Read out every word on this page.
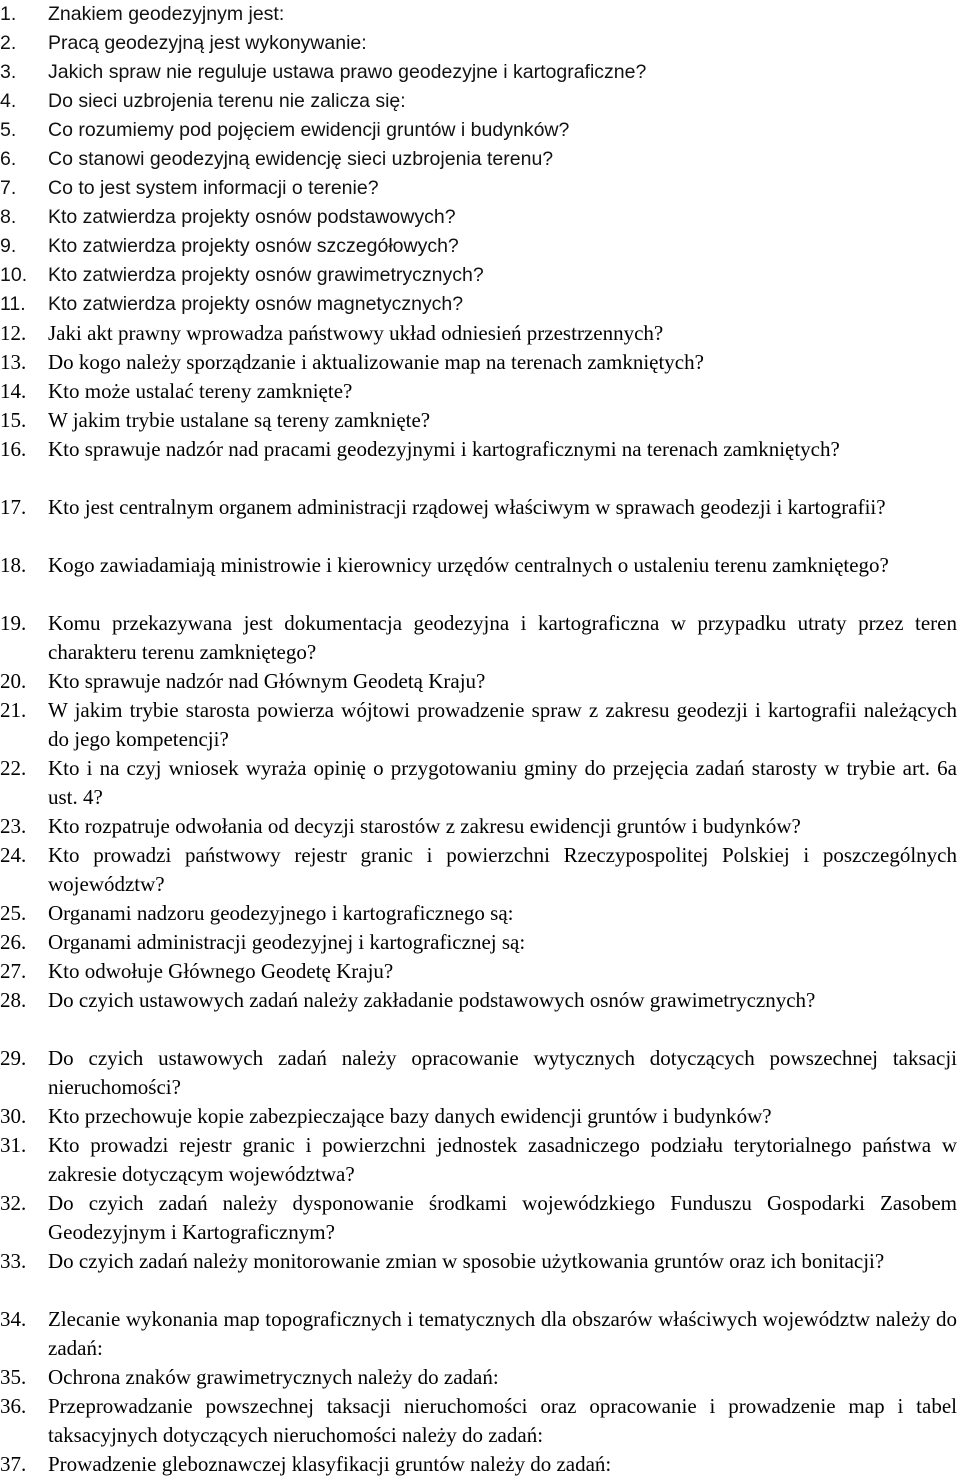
1.	Znakiem geodezyjnym jest:
2.	Pracą geodezyjną jest wykonywanie:
3.	Jakich spraw nie reguluje ustawa prawo geodezyjne i kartograficzne?
4.	Do sieci uzbrojenia terenu nie zalicza się:
5.	Co rozumiemy pod pojęciem ewidencji gruntów i budynków?
6.	Co stanowi geodezyjną ewidencję sieci uzbrojenia terenu?
7.	Co to jest system informacji o terenie?
8.	Kto zatwierdza projekty osnów podstawowych?
9.	Kto zatwierdza projekty osnów szczegółowych?
10.	Kto zatwierdza projekty osnów grawimetrycznych?
11.	Kto zatwierdza projekty osnów magnetycznych?
12.	Jaki akt prawny wprowadza państwowy układ odniesień przestrzennych?
13.	Do kogo należy sporządzanie i aktualizowanie map na terenach zamkniętych?
14.	Kto może ustalać tereny zamknięte?
15.	W jakim trybie ustalane są tereny zamknięte?
16.	Kto sprawuje nadzór nad pracami geodezyjnymi i kartograficznymi na terenach zamkniętych?
17.	Kto jest centralnym organem administracji rządowej właściwym w sprawach geodezji i kartografii?
18.	Kogo zawiadamiają ministrowie i kierownicy urzędów centralnych o ustaleniu terenu zamkniętego?
19.	Komu przekazywana jest dokumentacja geodezyjna i kartograficzna w przypadku utraty przez teren charakteru terenu zamkniętego?
20.	Kto sprawuje nadzór nad Głównym Geodetą Kraju?
21.	W jakim trybie starosta powierza wójtowi prowadzenie spraw z zakresu geodezji i kartografii należących do jego kompetencji?
22.	Kto i na czyj wniosek wyraża opinię o przygotowaniu gminy do przejęcia zadań starosty w trybie art. 6a ust. 4?
23.	Kto rozpatruje odwołania od decyzji starostów z zakresu ewidencji gruntów i budynków?
24.	Kto prowadzi państwowy rejestr granic i powierzchni Rzeczypospolitej Polskiej i poszczególnych województw?
25.	Organami nadzoru geodezyjnego i kartograficznego są:
26.	Organami administracji geodezyjnej i kartograficznej są:
27.	Kto odwołuje Głównego Geodetę Kraju?
28.	Do czyich ustawowych zadań należy zakładanie podstawowych osnów grawimetrycznych?
29.	Do czyich ustawowych zadań należy opracowanie wytycznych dotyczących powszechnej taksacji nieruchomości?
30.	Kto przechowuje kopie zabezpieczające bazy danych ewidencji gruntów i budynków?
31.	Kto prowadzi rejestr granic i powierzchni jednostek zasadniczego podziału terytorialnego państwa w zakresie dotyczącym województwa?
32.	Do czyich zadań należy dysponowanie środkami wojewódzkiego Funduszu Gospodarki Zasobem Geodezyjnym i Kartograficznym?
33.	Do czyich zadań należy monitorowanie zmian w sposobie użytkowania gruntów oraz ich bonitacji?
34.	Zlecanie wykonania map topograficznych i tematycznych dla obszarów właściwych województw należy do zadań:
35.	Ochrona znaków grawimetrycznych należy do zadań:
36.	Przeprowadzanie powszechnej taksacji nieruchomości oraz opracowanie i prowadzenie map i tabel taksacyjnych dotyczących nieruchomości należy do zadań:
37.	Prowadzenie gleboznawczej klasyfikacji gruntów należy do zadań:
